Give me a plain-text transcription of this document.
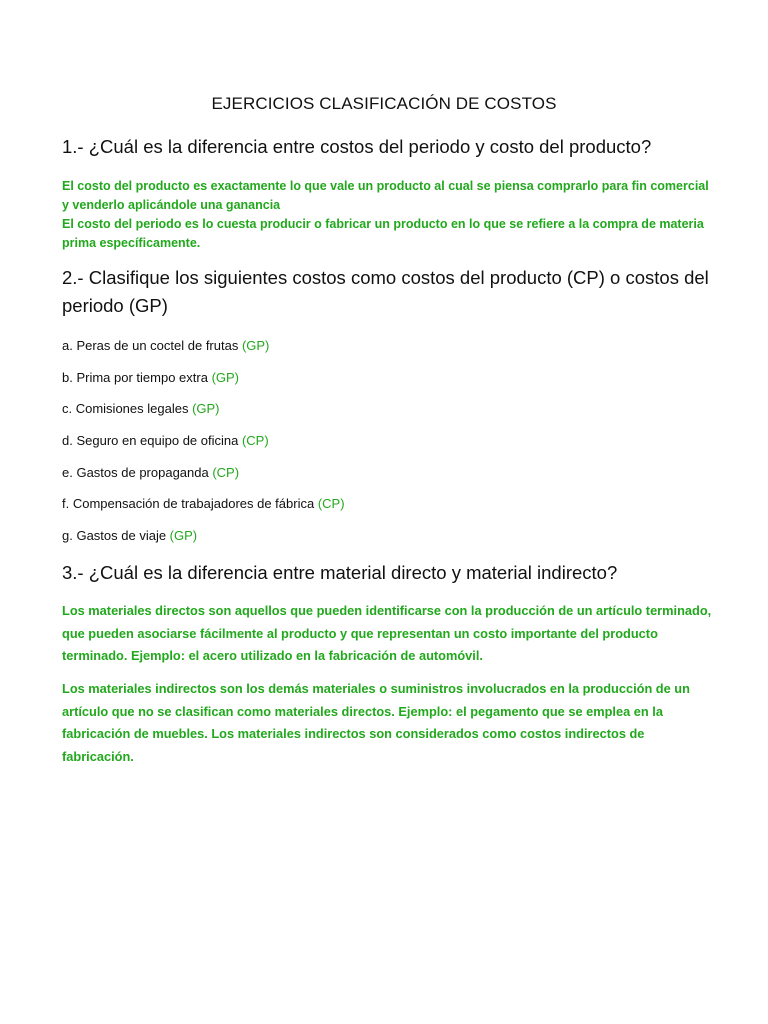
EJERCICIOS CLASIFICACIÓN DE COSTOS
1.- ¿Cuál es la diferencia entre costos del periodo y costo del producto?

El costo del producto es exactamente lo que vale un producto al cual se piensa comprarlo para fin comercial y venderlo aplicándole una ganancia

El costo del periodo es lo cuesta producir o fabricar un producto en lo que se refiere a la compra de materia prima específicamente.

2.- Clasifique los siguientes costos como costos del producto (CP) o costos del periodo (GP)
a. Peras de un coctel de frutas (GP)
b. Prima por tiempo extra (GP)
c. Comisiones legales (GP)
d. Seguro en equipo de oficina (CP)
e. Gastos de propaganda (CP)
f. Compensación de trabajadores de fábrica (CP)
g. Gastos de viaje (GP)
3.- ¿Cuál es la diferencia entre material directo y material indirecto?
Los materiales directos son aquellos que pueden identificarse con la producción de un artículo terminado, que pueden asociarse fácilmente al producto y que representan un costo importante del producto terminado. Ejemplo: el acero utilizado en la fabricación de automóvil.
Los materiales indirectos son los demás materiales o suministros involucrados en la producción de un artículo que no se clasifican como materiales directos. Ejemplo: el pegamento que se emplea en la fabricación de muebles. Los materiales indirectos son considerados como costos indirectos de fabricación.
